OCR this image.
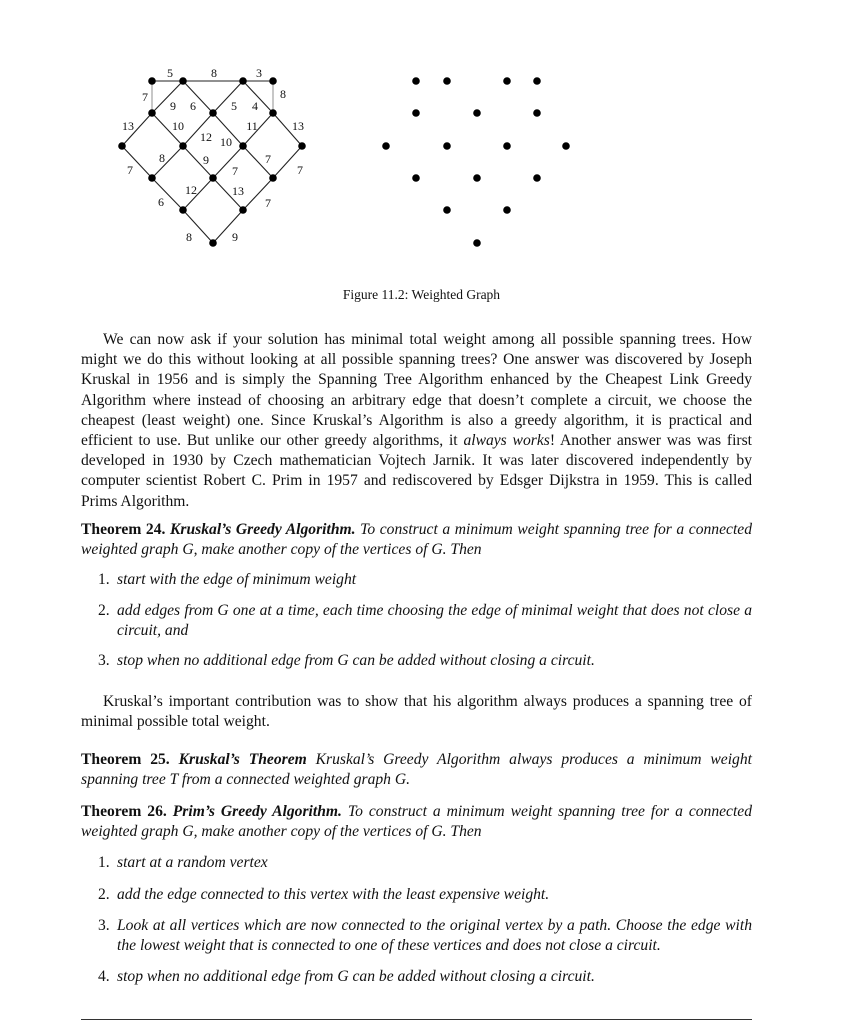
5	8	3
7	8
9 6	5 4
13	10
12 10
11	13
7
8	9
7
7
7
6
12	13
7
8	9
Figure 11.2: Weighted Graph

We can now ask if your solution has minimal total weight among all possible spanning trees. How might we do this without looking at all possible spanning trees? One answer was discovered by Joseph Kruskal in 1956 and is simply the Spanning Tree Algorithm enhanced by the Cheapest Link Greedy Algorithm where instead of choosing an arbitrary edge that doesn’t complete a circuit, we choose the cheapest (least weight) one. Since Kruskal’s Algorithm is also a greedy algorithm, it is practical and efficient to use. But unlike our other greedy algorithms, it always works! Another answer was was first developed in 1930 by Czech mathematician Vojtech Jarnik. It was later discovered independently by computer scientist Robert C. Prim in 1957 and rediscovered by Edsger Dijkstra in 1959. This is called Prims Algorithm.

Theorem 24. Kruskal’s Greedy Algorithm. To construct a minimum weight spanning tree for a connected weighted graph G, make another copy of the vertices of G. Then

1. start with the edge of minimum weight
2. add edges from G one at a time, each time choosing the edge of minimal weight that does not close a circuit, and
3. stop when no additional edge from G can be added without closing a circuit.

Kruskal’s important contribution was to show that his algorithm always produces a spanning tree of minimal possible total weight.

Theorem 25. Kruskal’s Theorem Kruskal’s Greedy Algorithm always produces a minimum weight spanning tree T from a connected weighted graph G.

Theorem 26. Prim’s Greedy Algorithm. To construct a minimum weight spanning tree for a connected weighted graph G, make another copy of the vertices of G. Then

1. start at a random vertex
2. add the edge connected to this vertex with the least expensive weight.
3. Look at all vertices which are now connected to the original vertex by a path. Choose the edge with the lowest weight that is connected to one of these vertices and does not close a circuit.
4. stop when no additional edge from G can be added without closing a circuit.
